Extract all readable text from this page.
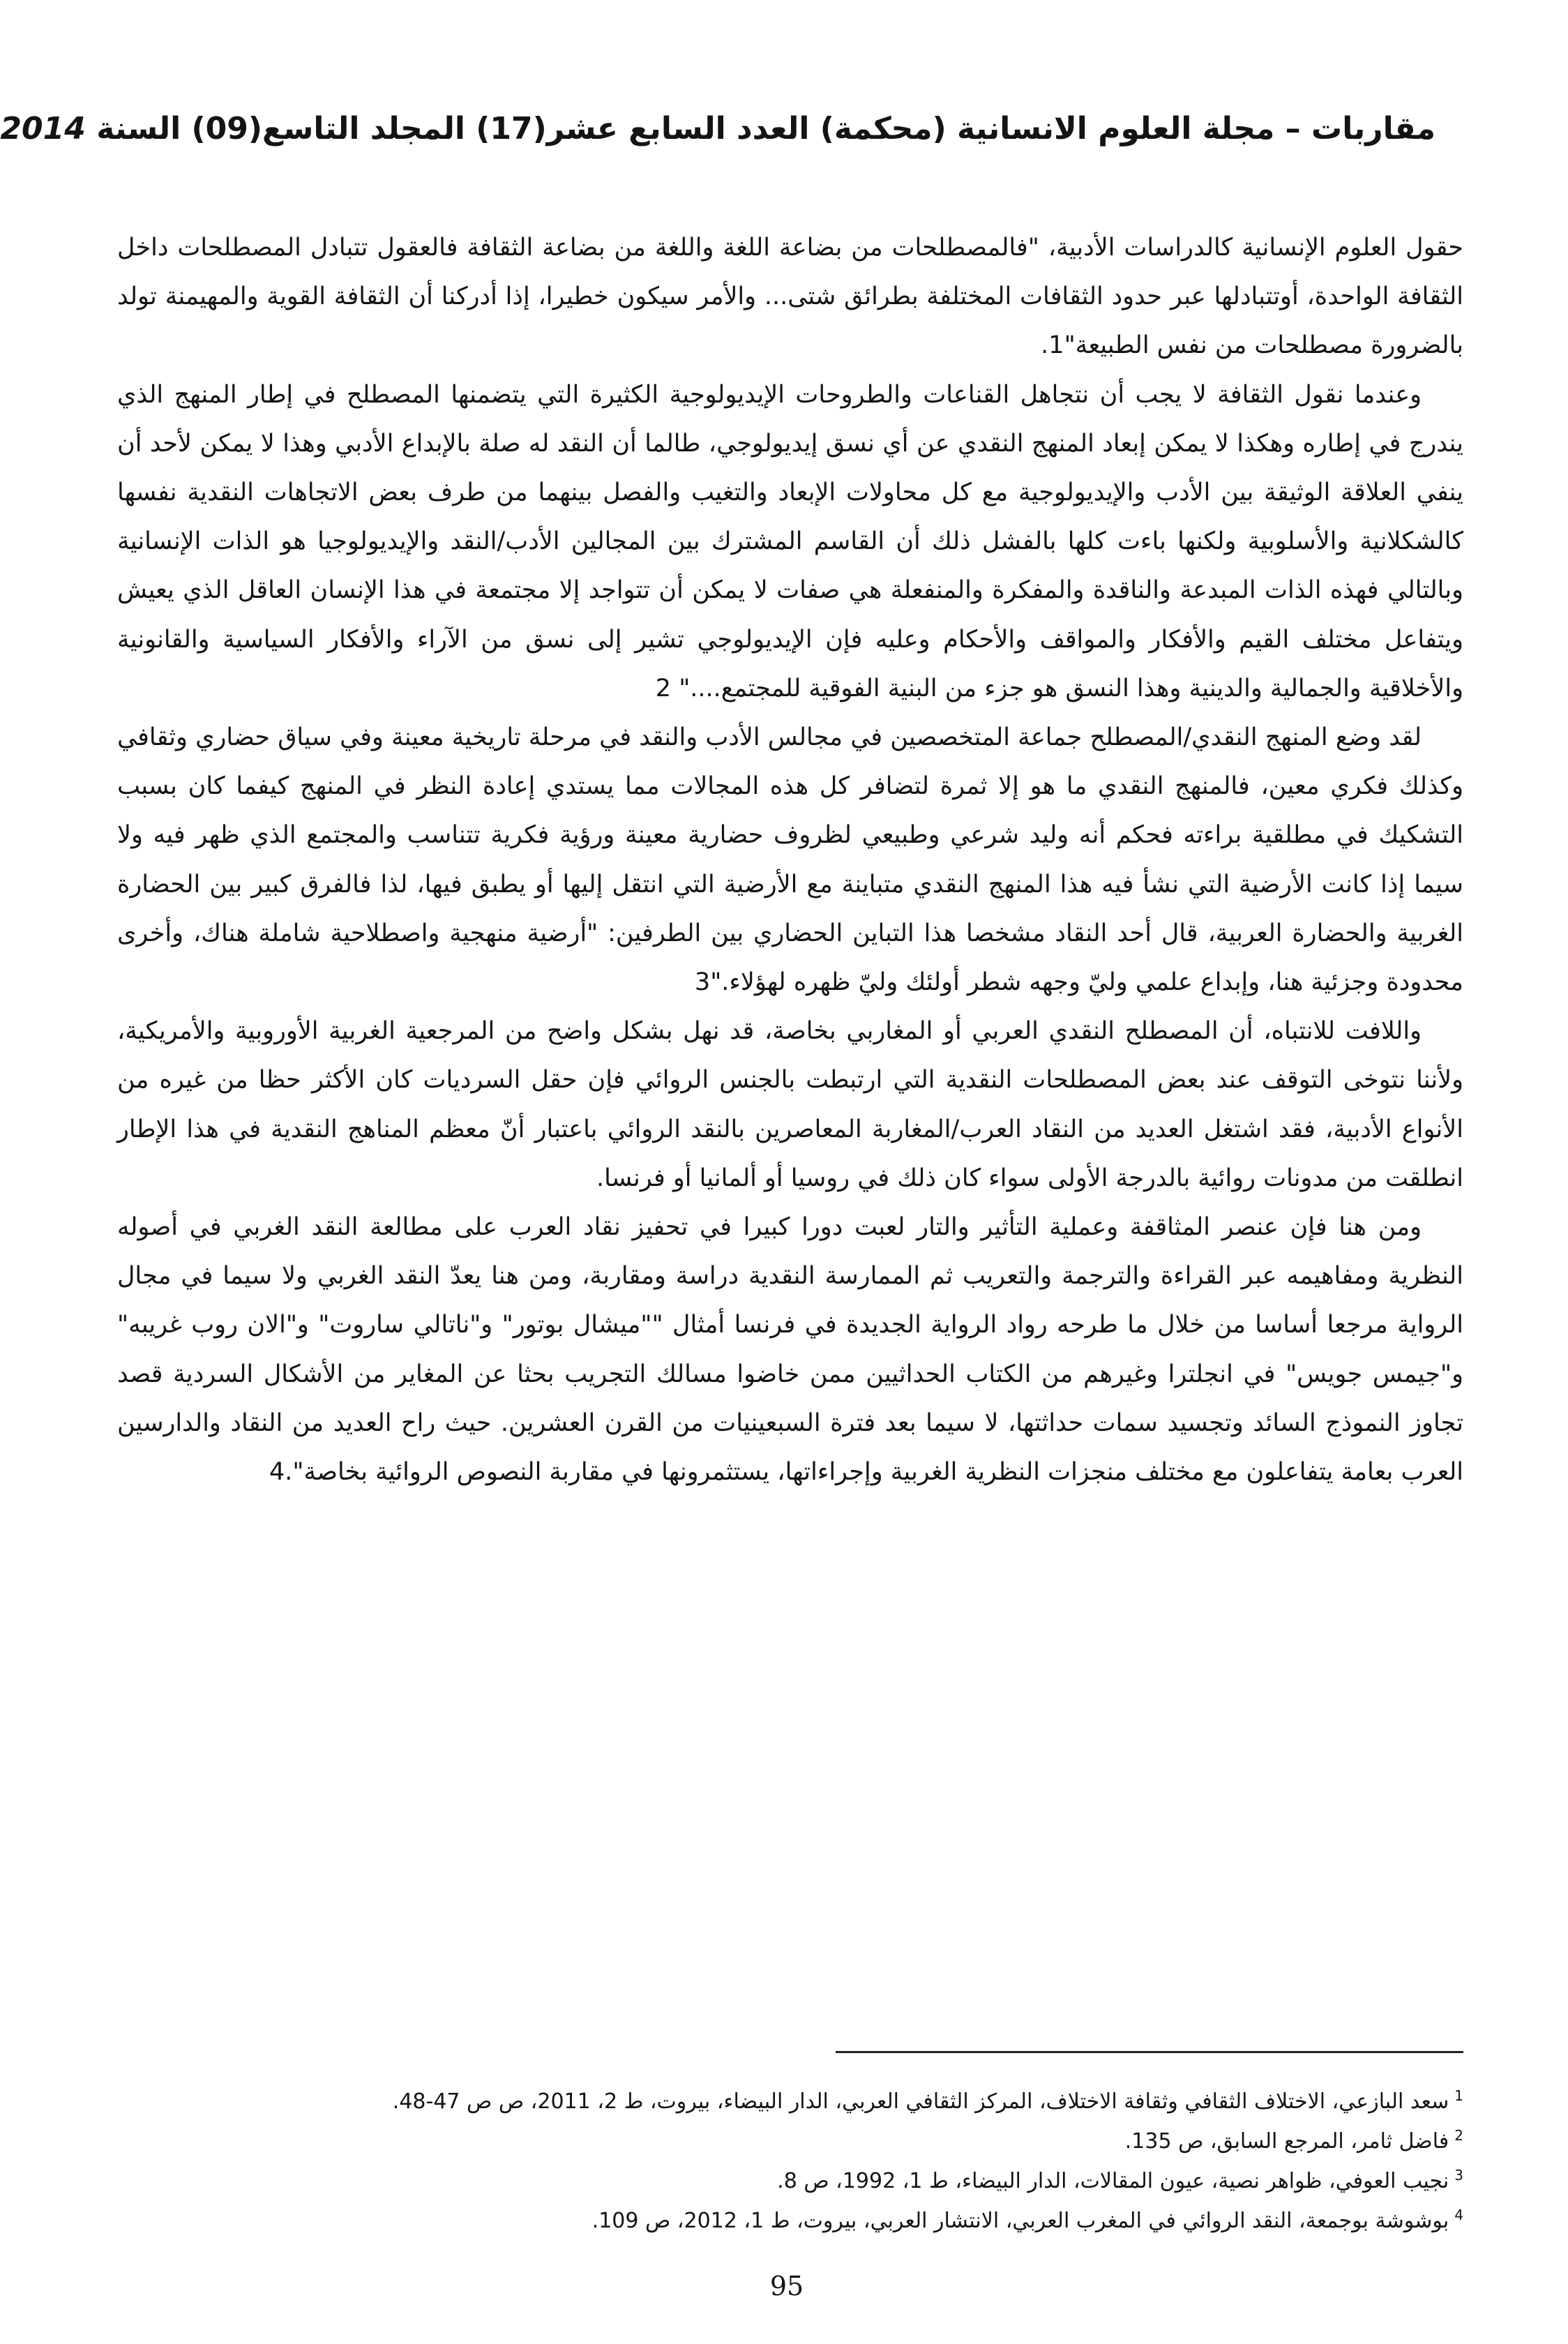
مقاربات – مجلة العلوم الانسانية (محكمة) العدد السابع عشر(17) المجلد التاسع(09) السنة 2014

حقول العلوم الإنسانية كالدراسات الأدبية، "فالمصطلحات من بضاعة اللغة واللغة من بضاعة الثقافة فالعقول تتبادل المصطلحات داخل الثقافة الواحدة، أوتتبادلها عبر حدود الثقافات المختلفة بطرائق شتى... والأمر سيكون خطيرا، إذا أدركنا أن الثقافة القوية والمهيمنة تولد بالضرورة مصطلحات من نفس الطبيعة"1.

وعندما نقول الثقافة لا يجب أن نتجاهل القناعات والطروحات الإيديولوجية الكثيرة التي يتضمنها المصطلح في إطار المنهج الذي يندرج في إطاره وهكذا لا يمكن إبعاد المنهج النقدي عن أي نسق إيديولوجي، طالما أن النقد له صلة بالإبداع الأدبي وهذا لا يمكن لأحد أن ينفي العلاقة الوثيقة بين الأدب والإيديولوجية مع كل محاولات الإبعاد والتغيب والفصل بينهما من طرف بعض الاتجاهات النقدية نفسها كالشكلانية والأسلوبية ولكنها باءت كلها بالفشل ذلك أن القاسم المشترك بين المجالين الأدب/النقد والإيديولوجيا هو الذات الإنسانية وبالتالي فهذه الذات المبدعة والناقدة والمفكرة والمنفعلة هي صفات لا يمكن أن تتواجد إلا مجتمعة في هذا الإنسان العاقل الذي يعيش ويتفاعل مختلف القيم والأفكار والمواقف والأحكام وعليه فإن الإيديولوجي تشير إلى نسق من الآراء والأفكار السياسية والقانونية والأخلاقية والجمالية والدينية وهذا النسق هو جزء من البنية الفوقية للمجتمع...." 2

لقد وضع المنهج النقدي/المصطلح جماعة المتخصصين في مجالس الأدب والنقد في مرحلة تاريخية معينة وفي سياق حضاري وثقافي وكذلك فكري معين، فالمنهج النقدي ما هو إلا ثمرة لتضافر كل هذه المجالات مما يستدي إعادة النظر في المنهج كيفما كان بسبب التشكيك في مطلقية براءته فحكم أنه وليد شرعي وطبيعي لظروف حضارية معينة ورؤية فكرية تتناسب والمجتمع الذي ظهر فيه ولا سيما إذا كانت الأرضية التي نشأ فيه هذا المنهج النقدي متباينة مع الأرضية التي انتقل إليها أو يطبق فيها، لذا فالفرق كبير بين الحضارة الغربية والحضارة العربية، قال أحد النقاد مشخصا هذا التباين الحضاري بين الطرفين: "أرضية منهجية واصطلاحية شاملة هناك، وأخرى محدودة وجزئية هنا، وإبداع علمي وليّ وجهه شطر أولئك وليّ ظهره لهؤلاء."3

واللافت للانتباه، أن المصطلح النقدي العربي أو المغاربي بخاصة، قد نهل بشكل واضح من المرجعية الغربية الأوروبية والأمريكية، ولأننا نتوخى التوقف عند بعض المصطلحات النقدية التي ارتبطت بالجنس الروائي فإن حقل السرديات كان الأكثر حظا من غيره من الأنواع الأدبية، فقد اشتغل العديد من النقاد العرب/المغاربة المعاصرين بالنقد الروائي باعتبار أنّ معظم المناهج النقدية في هذا الإطار انطلقت من مدونات روائية بالدرجة الأولى سواء كان ذلك في روسيا أو ألمانيا أو فرنسا.

ومن هنا فإن عنصر المثاقفة وعملية التأثير والتار لعبت دورا كبيرا في تحفيز نقاد العرب على مطالعة النقد الغربي في أصوله النظرية ومفاهيمه عبر القراءة والترجمة والتعريب ثم الممارسة النقدية دراسة ومقاربة، ومن هنا يعدّ النقد الغربي ولا سيما في مجال الرواية مرجعا أساسا من خلال ما طرحه رواد الرواية الجديدة في فرنسا أمثال ""ميشال بوتور" و"ناتالي ساروت" و"الان روب غريبه" و"جيمس جويس" في انجلترا وغيرهم من الكتاب الحداثيين ممن خاضوا مسالك التجريب بحثا عن المغاير من الأشكال السردية قصد تجاوز النموذج السائد وتجسيد سمات حداثتها، لا سيما بعد فترة السبعينيات من القرن العشرين. حيث راح العديد من النقاد والدارسين العرب بعامة يتفاعلون مع مختلف منجزات النظرية الغربية وإجراءاتها، يستثمرونها في مقاربة النصوص الروائية بخاصة".4

$^1$سعد البازعي، الاختلاف الثقافي وثقافة الاختلاف، المركز الثقافي العربي، الدار البيضاء، بيروت، ط 2، 2011، ص ص 47-48.

$^2$فاضل ثامر، المرجع السابق، ص 135.

$^3$نجيب العوفي، ظواهر نصية، عيون المقالات، الدار البيضاء، ط 1، 1992، ص 8.

$^4$بوشوشة بوجمعة، النقد الروائي في المغرب العربي، الانتشار العربي، بيروت، ط 1، 2012، ص 109.

95
